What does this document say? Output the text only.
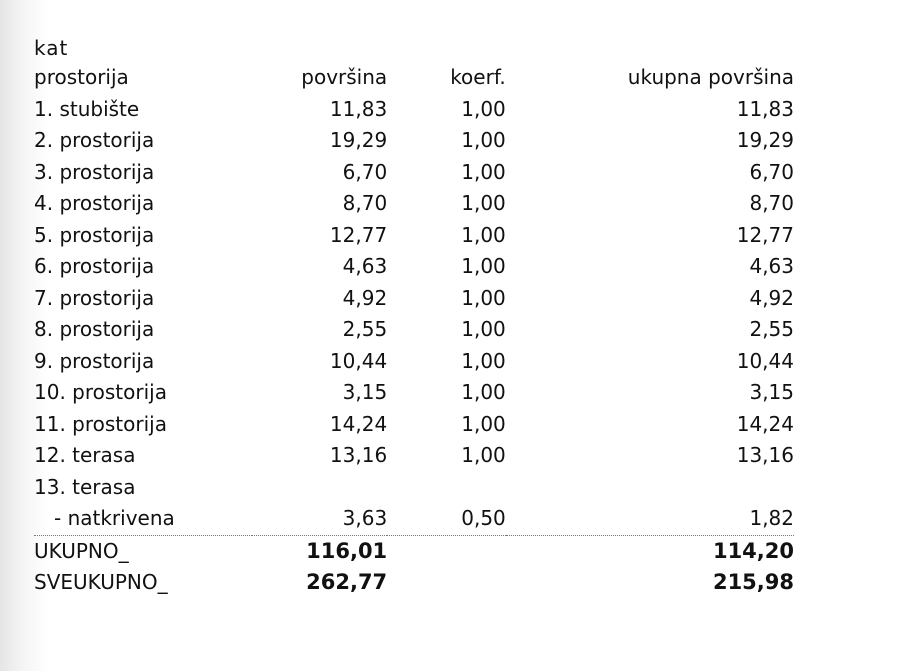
kat
prostorija	površina	koerf.	ukupna površina
1. stubište	11,83	1,00	11,83
2. prostorija	19,29	1,00	19,29
3. prostorija	6,70	1,00	6,70
4. prostorija	8,70	1,00	8,70
5. prostorija	12,77	1,00	12,77
6. prostorija	4,63	1,00	4,63
7. prostorija	4,92	1,00	4,92
8. prostorija	2,55	1,00	2,55
9. prostorija	10,44	1,00	10,44
10. prostorija	3,15	1,00	3,15
11. prostorija	14,24	1,00	14,24
12. terasa	13,16	1,00	13,16
13. terasa			
- natkrivena	3,63	0,50	1,82
UKUPNO_	116,01		114,20
SVEUKUPNO_	262,77		215,98
